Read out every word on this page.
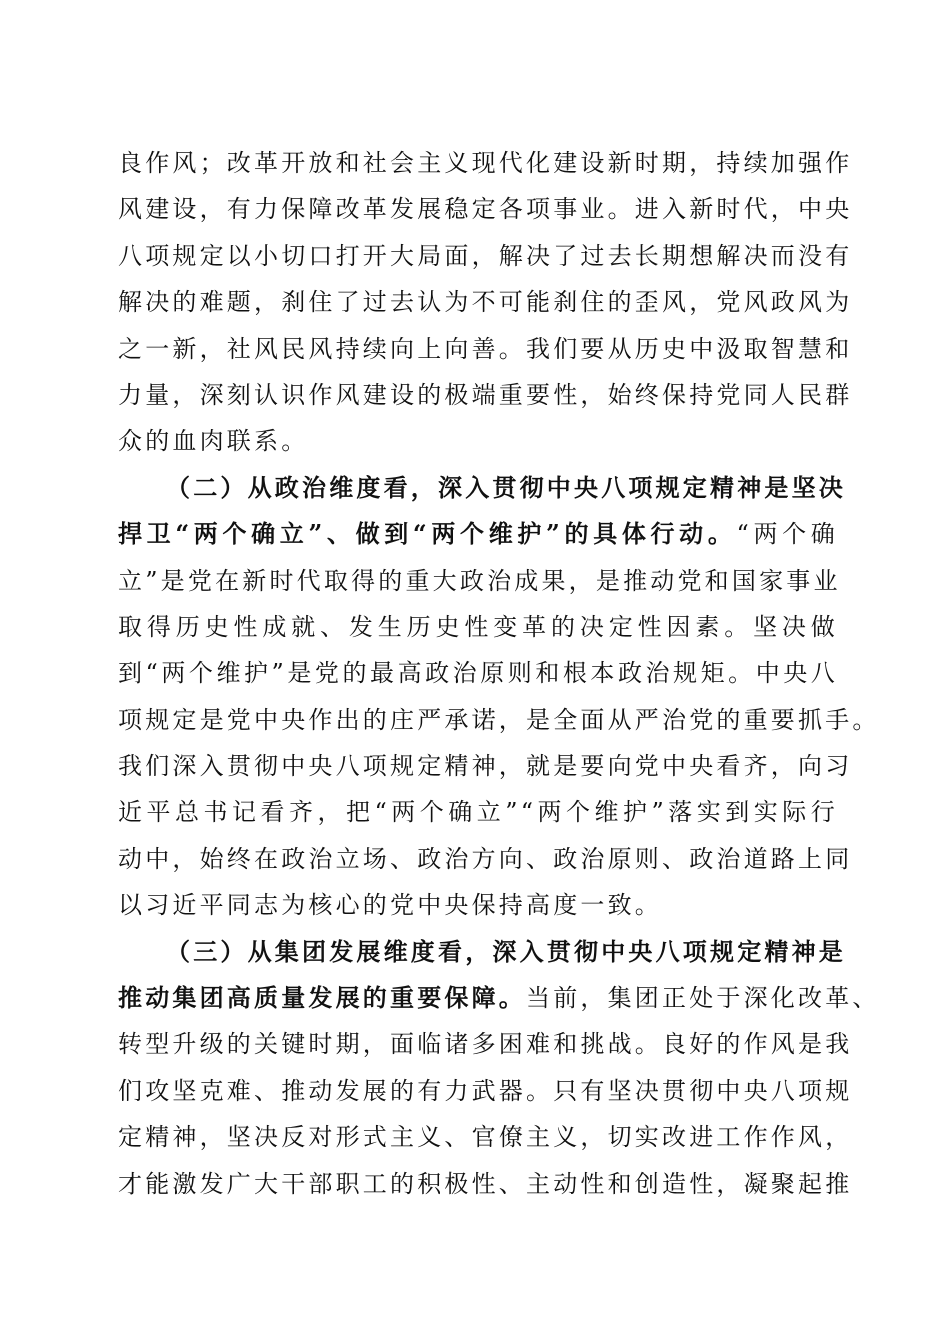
良作风；改革开放和社会主义现代化建设新时期，持续加强作
风建设，有力保障改革发展稳定各项事业。进入新时代，中央
八项规定以小切口打开大局面，解决了过去长期想解决而没有
解决的难题，刹住了过去认为不可能刹住的歪风，党风政风为
之一新，社风民风持续向上向善。我们要从历史中汲取智慧和
力量，深刻认识作风建设的极端重要性，始终保持党同人民群
众的血肉联系。
（二）从政治维度看，深入贯彻中央八项规定精神是坚决
捍卫“两个确立”、做到“两个维护”的具体行动。“两个确
立”是党在新时代取得的重大政治成果，是推动党和国家事业
取得历史性成就、发生历史性变革的决定性因素。坚决做
到“两个维护”是党的最高政治原则和根本政治规矩。中央八
项规定是党中央作出的庄严承诺，是全面从严治党的重要抓手。
我们深入贯彻中央八项规定精神，就是要向党中央看齐，向习
近平总书记看齐，把“两个确立”“两个维护”落实到实际行
动中，始终在政治立场、政治方向、政治原则、政治道路上同
以习近平同志为核心的党中央保持高度一致。
（三）从集团发展维度看，深入贯彻中央八项规定精神是
推动集团高质量发展的重要保障。当前，集团正处于深化改革、
转型升级的关键时期，面临诸多困难和挑战。良好的作风是我
们攻坚克难、推动发展的有力武器。只有坚决贯彻中央八项规
定精神，坚决反对形式主义、官僚主义，切实改进工作作风，
才能激发广大干部职工的积极性、主动性和创造性，凝聚起推
